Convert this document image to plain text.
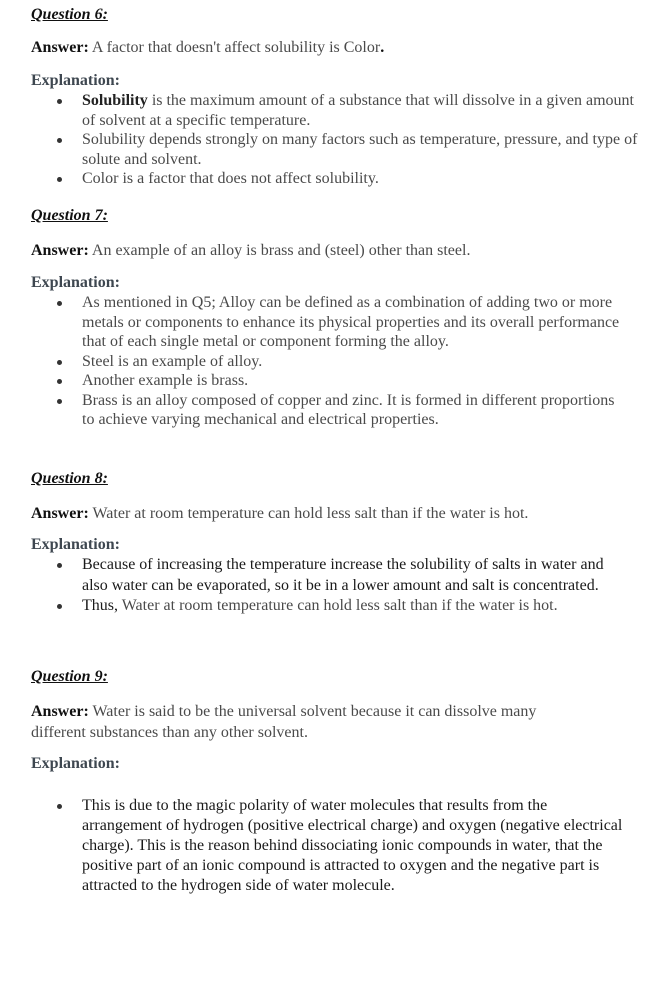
Question 6:
Answer: A factor that doesn't affect solubility is Color.
Explanation:
Solubility is the maximum amount of a substance that will dissolve in a given amount of solvent at a specific temperature.
Solubility depends strongly on many factors such as temperature, pressure, and type of solute and solvent.
Color is a factor that does not affect solubility.
Question 7:
Answer: An example of an alloy is brass and (steel) other than steel.
Explanation:
As mentioned in Q5; Alloy can be defined as a combination of adding two or more metals or components to enhance its physical properties and its overall performance that of each single metal or component forming the alloy.
Steel is an example of alloy.
Another example is brass.
Brass is an alloy composed of copper and zinc. It is formed in different proportions to achieve varying mechanical and electrical properties.
Question 8:
Answer: Water at room temperature can hold less salt than if the water is hot.
Explanation:
Because of increasing the temperature increase the solubility of salts in water and also water can be evaporated, so it be in a lower amount and salt is concentrated.
Thus, Water at room temperature can hold less salt than if the water is hot.
Question 9:
Answer: Water is said to be the universal solvent because it can dissolve many different substances than any other solvent.
Explanation:
This is due to the magic polarity of water molecules that results from the arrangement of hydrogen (positive electrical charge) and oxygen (negative electrical charge). This is the reason behind dissociating ionic compounds in water, that the positive part of an ionic compound is attracted to oxygen and the negative part is attracted to the hydrogen side of water molecule.
